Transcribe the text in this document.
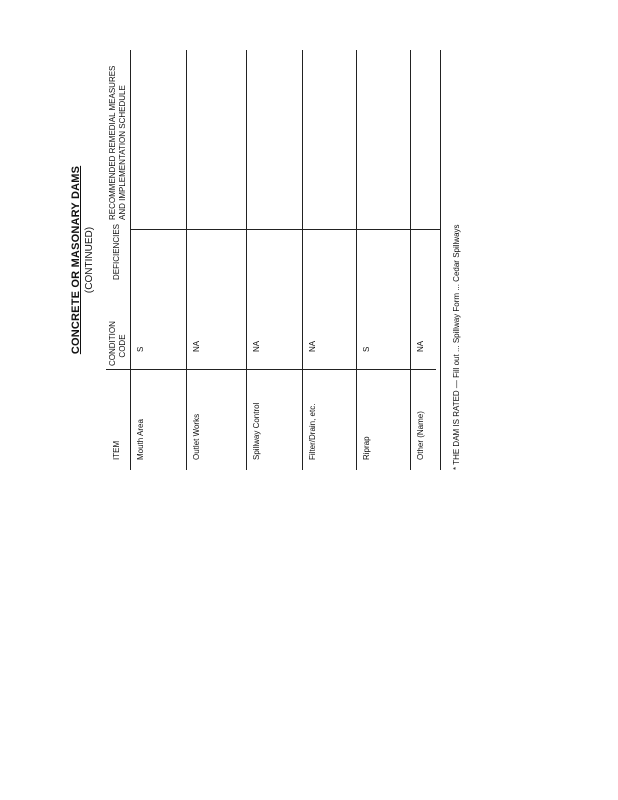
CONCRETE OR MASONARY DAMS (CONTINUED)
ITEM
CONDITION CODE
DEFICIENCIES
RECOMMENDED REMEDIAL MEASURES AND IMPLEMENTATION SCHEDULE
Mouth Area
S
Outlet Works
NA
Spillway Control
NA
Filter/Drain, etc.
NA
Riprap
S
Other (Name)
NA	* THE DAM IS RATED — Fill out ... Spillway Form ... Cedar Spillways
